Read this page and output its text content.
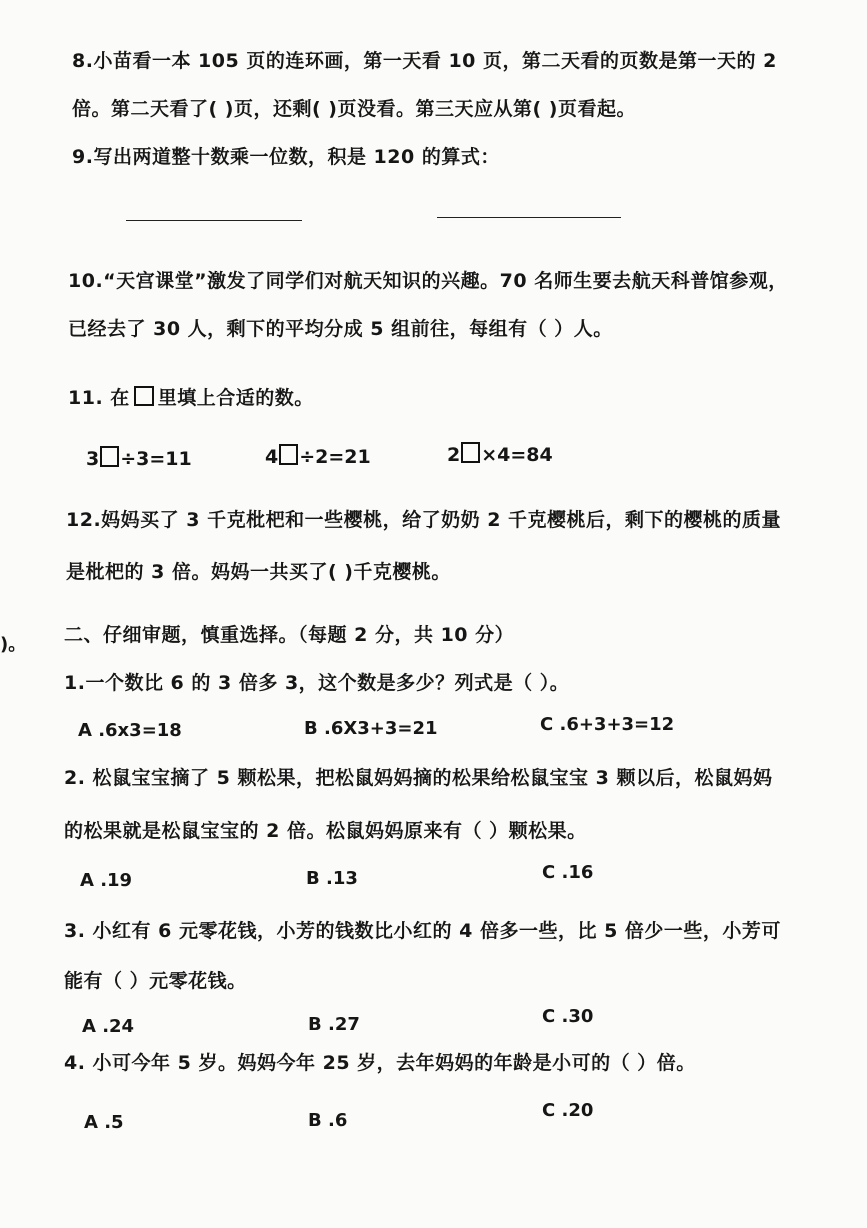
8.小苗看一本 105 页的连环画，第一天看 10 页，第二天看的页数是第一天的 2
倍。第二天看了( )页，还剩( )页没看。第三天应从第( )页看起。
9.写出两道整十数乘一位数，积是 120 的算式：
10.“天宫课堂”激发了同学们对航天知识的兴趣。70 名师生要去航天科普馆参观，
已经去了 30 人，剩下的平均分成 5 组前往，每组有（ ）人。
11. 在 里填上合适的数。
3 ÷3=11	4 ÷2=21	2 ×4=84
12.妈妈买了 3 千克枇杷和一些樱桃，给了奶奶 2 千克樱桃后，剩下的樱桃的质量
是枇杷的 3 倍。妈妈一共买了( )千克樱桃。
)。 二、仔细审题，慎重选择。（每题 2 分，共 10 分）
1.一个数比 6 的 3 倍多 3，这个数是多少？列式是（ ）。
A .6x3=18	B .6X3+3=21	C .6+3+3=12
2. 松鼠宝宝摘了 5 颗松果，把松鼠妈妈摘的松果给松鼠宝宝 3 颗以后，松鼠妈妈
的松果就是松鼠宝宝的 2 倍。松鼠妈妈原来有（ ）颗松果。
A .19	B .13	C .16
3. 小红有 6 元零花钱，小芳的钱数比小红的 4 倍多一些，比 5 倍少一些，小芳可
能有（ ）元零花钱。
A .24	B .27	C .30
4. 小可今年 5 岁。妈妈今年 25 岁，去年妈妈的年龄是小可的（ ）倍。
A .5	B .6	C .20
